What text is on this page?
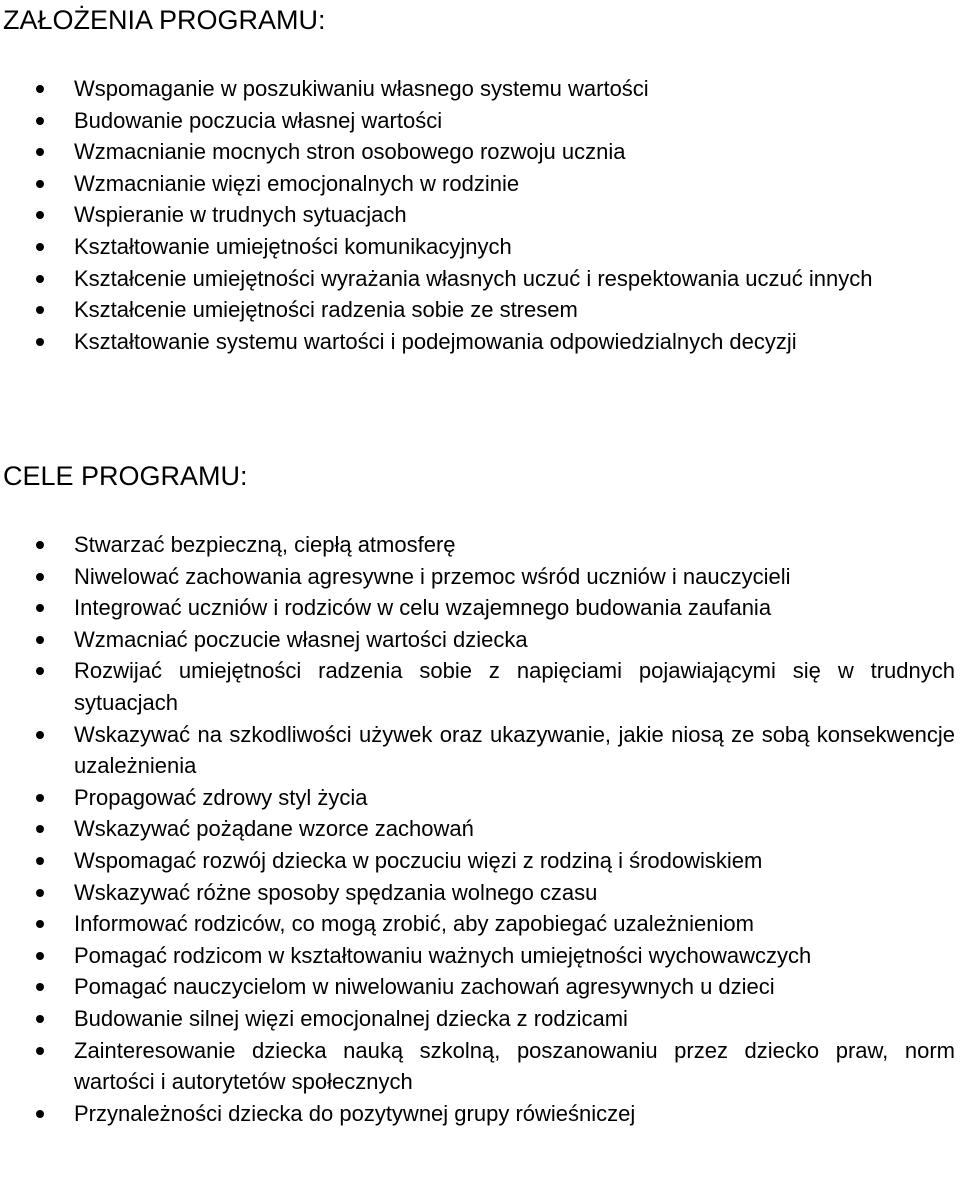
ZAŁOŻENIA PROGRAMU:
Wspomaganie w poszukiwaniu własnego systemu wartości
Budowanie poczucia własnej wartości
Wzmacnianie mocnych stron osobowego rozwoju ucznia
Wzmacnianie więzi emocjonalnych w rodzinie
Wspieranie w trudnych sytuacjach
Kształtowanie umiejętności komunikacyjnych
Kształcenie umiejętności wyrażania własnych uczuć i respektowania uczuć innych
Kształcenie umiejętności radzenia sobie ze stresem
Kształtowanie systemu wartości i podejmowania odpowiedzialnych decyzji
CELE PROGRAMU:
Stwarzać bezpieczną, ciepłą atmosferę
Niwelować zachowania agresywne i przemoc wśród uczniów i nauczycieli
Integrować uczniów i rodziców w celu wzajemnego budowania zaufania
Wzmacniać poczucie własnej wartości dziecka
Rozwijać umiejętności radzenia sobie z napięciami pojawiającymi się w trudnych sytuacjach
Wskazywać na szkodliwości używek oraz ukazywanie, jakie niosą ze sobą konsekwencje uzależnienia
Propagować zdrowy styl życia
Wskazywać pożądane wzorce zachowań
Wspomagać rozwój dziecka w poczuciu więzi z rodziną i środowiskiem
Wskazywać różne sposoby spędzania wolnego czasu
Informować rodziców, co mogą zrobić, aby zapobiegać uzależnieniom
Pomagać rodzicom w kształtowaniu ważnych umiejętności wychowawczych
Pomagać nauczycielom w niwelowaniu zachowań agresywnych u dzieci
Budowanie silnej więzi emocjonalnej dziecka z rodzicami
Zainteresowanie dziecka nauką szkolną, poszanowaniu przez dziecko praw, norm wartości i autorytetów społecznych
Przynależności dziecka do pozytywnej grupy rówieśniczej
